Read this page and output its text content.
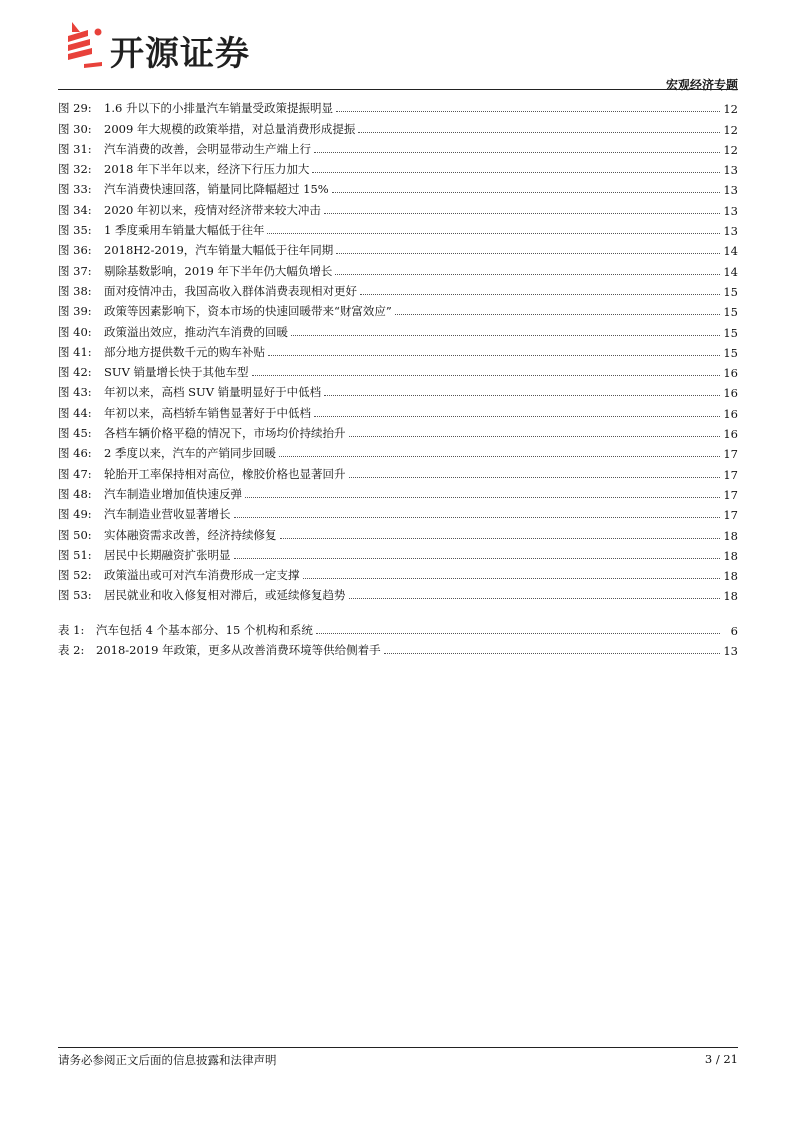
开源证券
宏观经济专题
图 29:	1.6 升以下的小排量汽车销量受政策提振明显	12
图 30:	2009 年大规模的政策举措，对总量消费形成提振	12
图 31:	汽车消费的改善，会明显带动生产端上行	12
图 32:	2018 年下半年以来，经济下行压力加大	13
图 33:	汽车消费快速回落，销量同比降幅超过 15%	13
图 34:	2020 年初以来，疫情对经济带来较大冲击	13
图 35:	1 季度乘用车销量大幅低于往年	13
图 36:	2018H2-2019，汽车销量大幅低于往年同期	14
图 37:	剔除基数影响，2019 年下半年仍大幅负增长	14
图 38:	面对疫情冲击，我国高收入群体消费表现相对更好	15
图 39:	政策等因素影响下，资本市场的快速回暖带来“财富效应”	15
图 40:	政策溢出效应，推动汽车消费的回暖	15
图 41:	部分地方提供数千元的购车补贴	15
图 42:	SUV 销量增长快于其他车型	16
图 43:	年初以来，高档 SUV 销量明显好于中低档	16
图 44:	年初以来，高档轿车销售显著好于中低档	16
图 45:	各档车辆价格平稳的情况下，市场均价持续抬升	16
图 46:	2 季度以来，汽车的产销同步回暖	17
图 47:	轮胎开工率保持相对高位，橡胶价格也显著回升	17
图 48:	汽车制造业增加值快速反弹	17
图 49:	汽车制造业营收显著增长	17
图 50:	实体融资需求改善，经济持续修复	18
图 51:	居民中长期融资扩张明显	18
图 52:	政策溢出或可对汽车消费形成一定支撑	18
图 53:	居民就业和收入修复相对滞后，或延续修复趋势	18
表 1:	汽车包括 4 个基本部分、15 个机构和系统	6
表 2:	2018-2019 年政策，更多从改善消费环境等供给侧着手	13
请务必参阅正文后面的信息披露和法律声明	3 / 21
